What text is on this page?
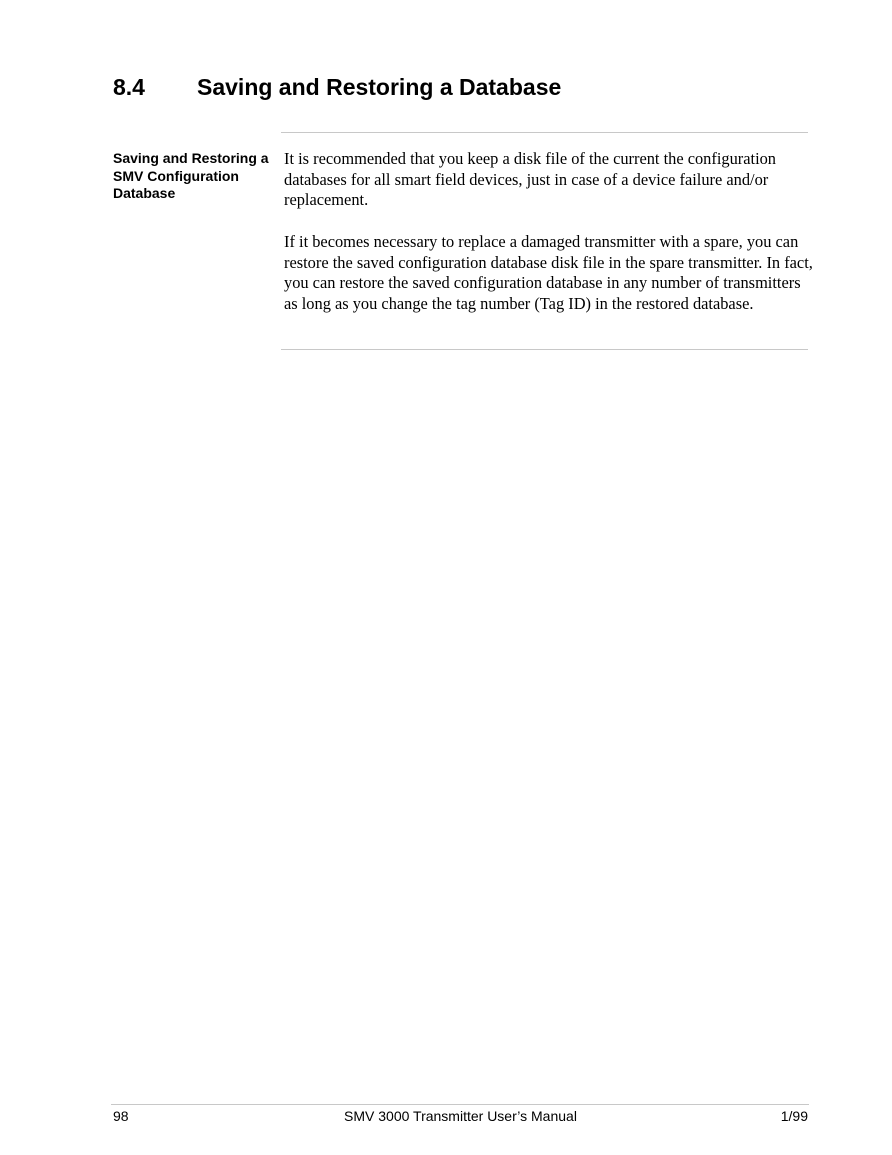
8.4 Saving and Restoring a Database
Saving and Restoring a SMV Configuration Database

It is recommended that you keep a disk file of the current the configuration databases for all smart field devices, just in case of a device failure and/or replacement.

If it becomes necessary to replace a damaged transmitter with a spare, you can restore the saved configuration database disk file in the spare transmitter. In fact, you can restore the saved configuration database in any number of transmitters as long as you change the tag number (Tag ID) in the restored database.

98	SMV 3000 Transmitter User’s Manual	1/99
